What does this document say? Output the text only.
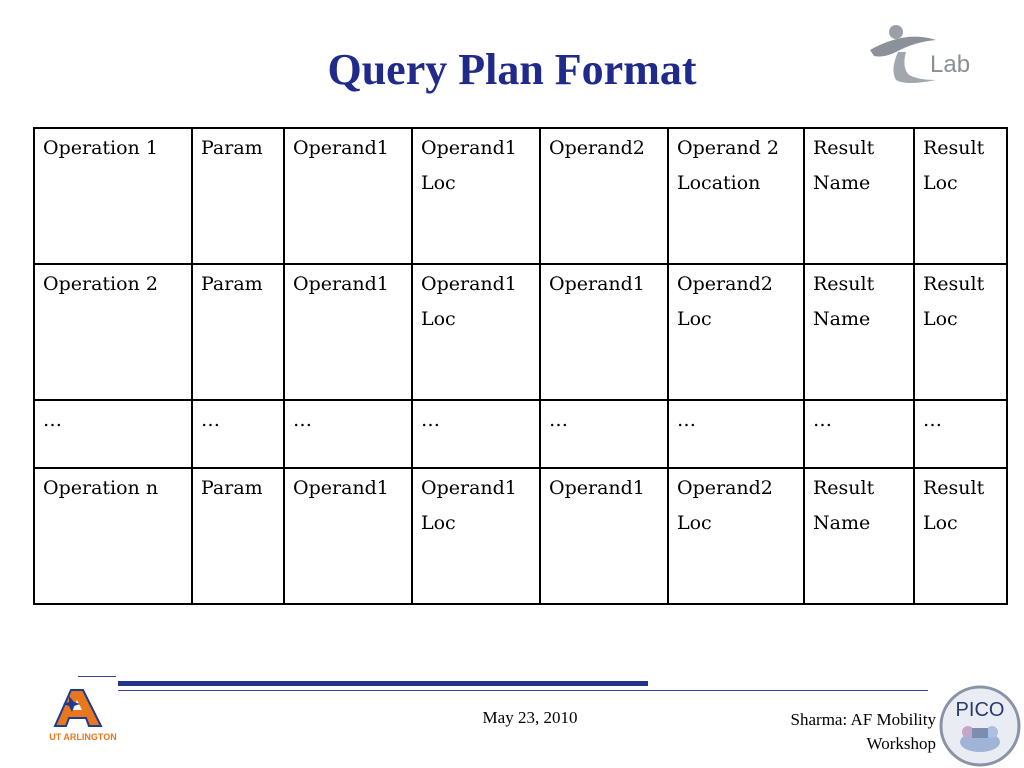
Query Plan Format	Lab
Operation 1	Param	Operand1	Operand1 Loc	Operand2	Operand 2 Location	Result Name	Result Loc
Operation 2	Param	Operand1	Operand1 Loc	Operand1	Operand2 Loc	Result Name	Result Loc
…	…	…	…	…	…	…	…
Operation n	Param	Operand1	Operand1 Loc	Operand1	Operand2 Loc	Result Name	Result Loc
UT ARLINGTON
May 23, 2010	Sharma: AF Mobility
Workshop
PICO
